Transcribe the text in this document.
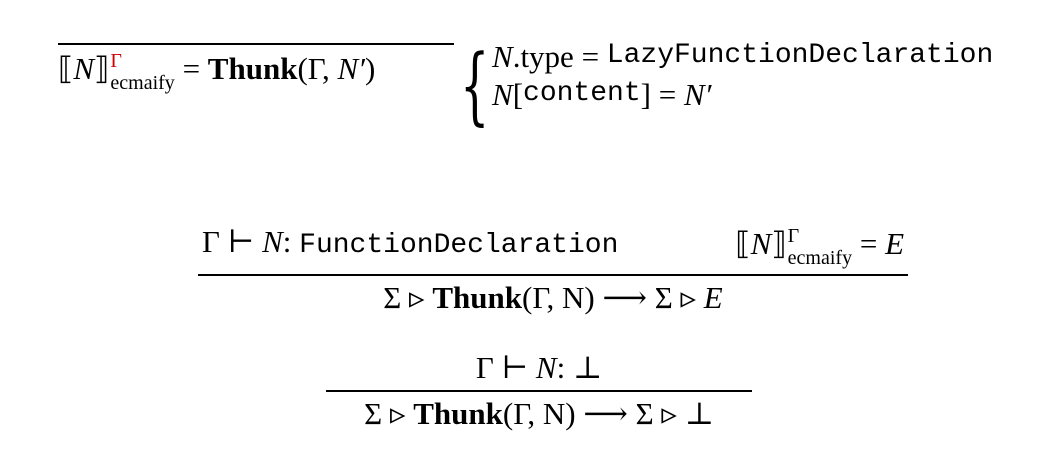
⟦N⟧ Γ
ecmaify = Thunk(Γ, N′)	{ N .type
=
LazyFunctionDeclaration
N [ content ]
=
N′
Γ ⊢ N: FunctionDeclaration	⟦N⟧ Γ
ecmaify = E
Σ ▹ Thunk(Γ, N) ⟶ Σ ▹ E
Γ ⊢ N: ⊥
Σ ▹ Thunk(Γ, N) ⟶ Σ ▹ ⊥
